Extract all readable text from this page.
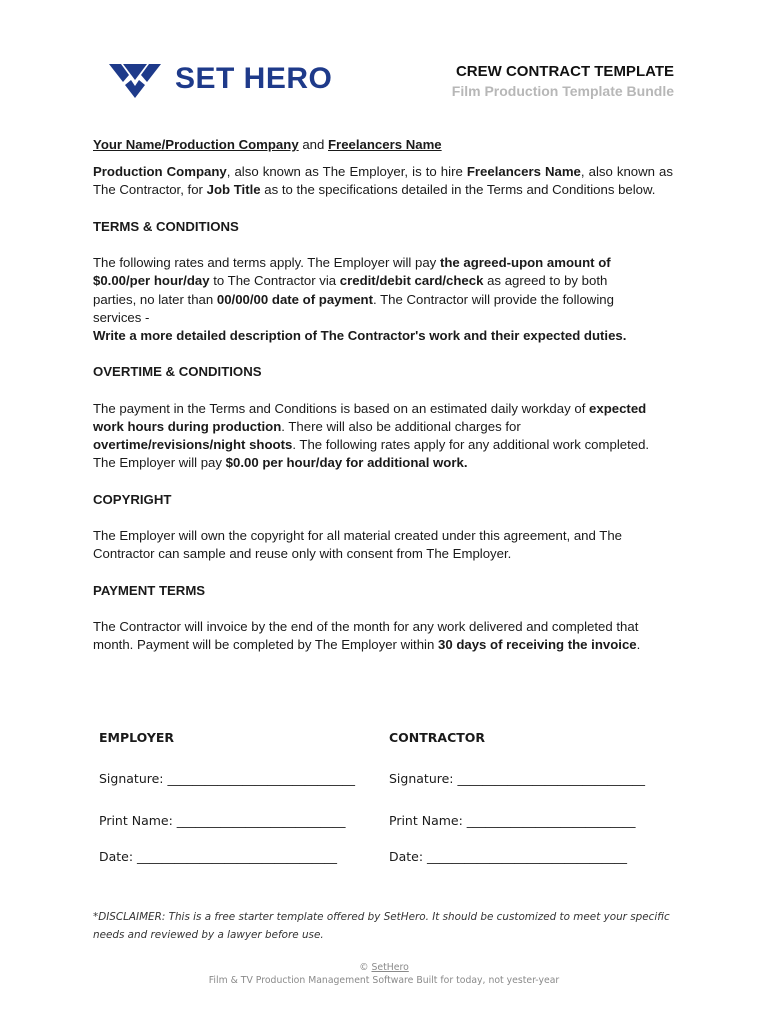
SET HERO	CREW CONTRACT TEMPLATE
Film Production Template Bundle

Your Name/Production Company and Freelancers Name

Production Company, also known as The Employer, is to hire Freelancers Name, also known as The Contractor, for Job Title as to the specifications detailed in the Terms and Conditions below.

TERMS & CONDITIONS

The following rates and terms apply. The Employer will pay the agreed-upon amount of
$0.00/per hour/day to The Contractor via credit/debit card/check as agreed to by both
parties, no later than 00/00/00 date of payment. The Contractor will provide the following
services -
Write a more detailed description of The Contractor's work and their expected duties.

OVERTIME & CONDITIONS

The payment in the Terms and Conditions is based on an estimated daily workday of expected
work hours during production. There will also be additional charges for
overtime/revisions/night shoots. The following rates apply for any additional work completed.
The Employer will pay $0.00 per hour/day for additional work.

COPYRIGHT

The Employer will own the copyright for all material created under this agreement, and The
Contractor can sample and reuse only with consent from The Employer.

PAYMENT TERMS

The Contractor will invoice by the end of the month for any work delivered and completed that
month. Payment will be completed by The Employer within 30 days of receiving the invoice.

EMPLOYER
Signature: ______________________________
Print Name: ___________________________
Date: ________________________________
CONTRACTOR
Signature: ______________________________
Print Name: ___________________________
Date: ________________________________
*DISCLAIMER: This is a free starter template offered by SetHero. It should be customized to meet your specific
needs and reviewed by a lawyer before use.
© SetHero
Film & TV Production Management Software Built for today, not yester-year
